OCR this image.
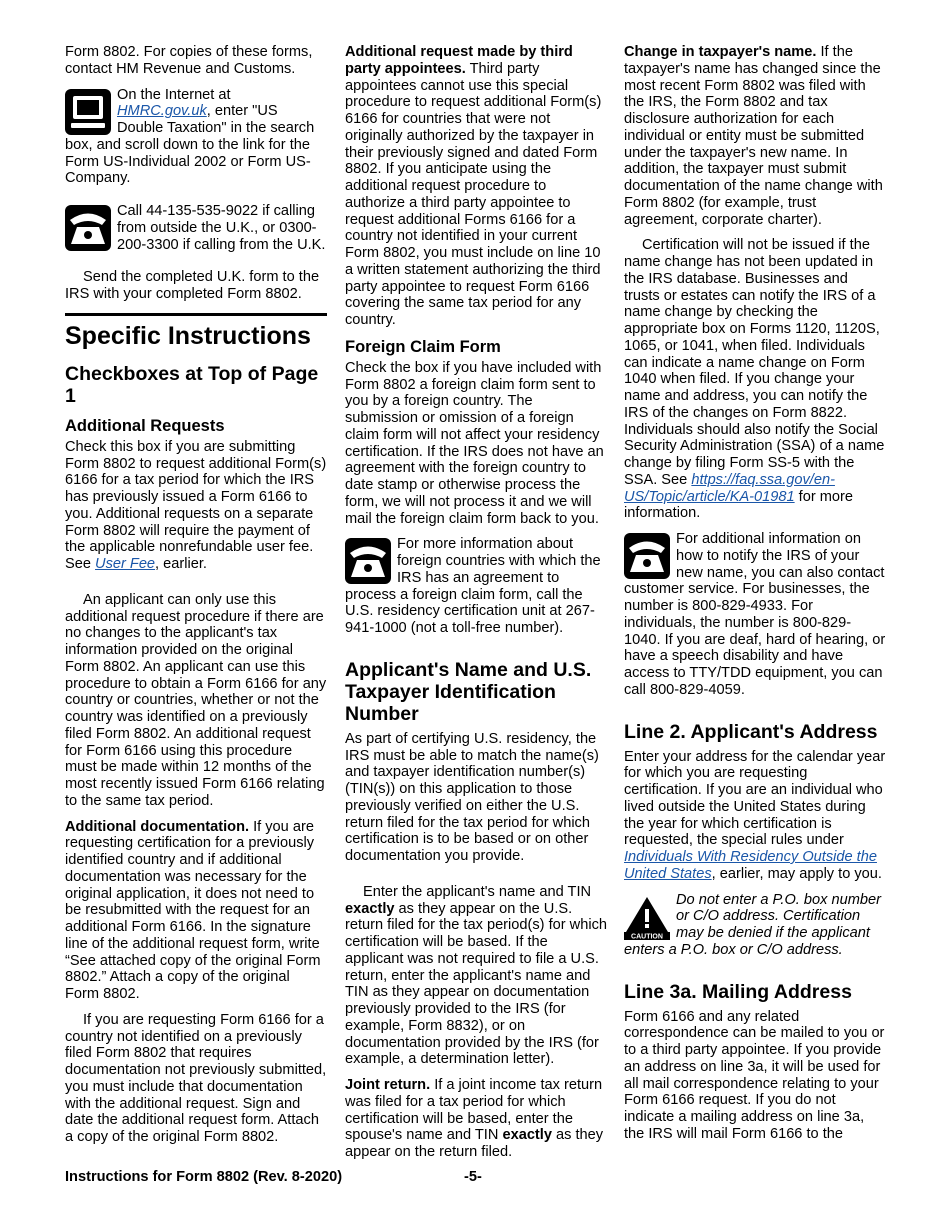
Form 8802. For copies of these forms, contact HM Revenue and Customs.

On the Internet at HMRC.gov.uk, enter "US Double Taxation" in the search box, and scroll down to the link for the Form US-Individual 2002 or Form US-Company.
Call 44-135-535-9022 if calling from outside the U.K., or 0300-200-3300 if calling from the U.K.

Send the completed U.K. form to the IRS with your completed Form 8802.

Specific Instructions
Checkboxes at Top of Page 1
Additional Requests

Check this box if you are submitting Form 8802 to request additional Form(s) 6166 for a tax period for which the IRS has previously issued a Form 6166 to you. Additional requests on a separate Form 8802 will require the payment of the applicable nonrefundable user fee. See User Fee, earlier.

An applicant can only use this additional request procedure if there are no changes to the applicant's tax information provided on the original Form 8802. An applicant can use this procedure to obtain a Form 6166 for any country or countries, whether or not the country was identified on a previously filed Form 8802. An additional request for Form 6166 using this procedure must be made within 12 months of the most recently issued Form 6166 relating to the same tax period.

Additional documentation. If you are requesting certification for a previously identified country and if additional documentation was necessary for the original application, it does not need to be resubmitted with the request for an additional Form 6166. In the signature line of the additional request form, write “See attached copy of the original Form 8802.” Attach a copy of the original Form 8802.

If you are requesting Form 6166 for a country not identified on a previously filed Form 8802 that requires documentation not previously submitted, you must include that documentation with the additional request. Sign and date the additional request form. Attach a copy of the original Form 8802.

Additional request made by third party appointees. Third party appointees cannot use this special procedure to request additional Form(s) 6166 for countries that were not originally authorized by the taxpayer in their previously signed and dated Form 8802. If you anticipate using the additional request procedure to authorize a third party appointee to request additional Forms 6166 for a country not identified in your current Form 8802, you must include on line 10 a written statement authorizing the third party appointee to request Form 6166 covering the same tax period for any country.

Foreign Claim Form

Check the box if you have included with Form 8802 a foreign claim form sent to you by a foreign country. The submission or omission of a foreign claim form will not affect your residency certification. If the IRS does not have an agreement with the foreign country to date stamp or otherwise process the form, we will not process it and we will mail the foreign claim form back to you.

For more information about foreign countries with which the IRS has an agreement to process a foreign claim form, call the U.S. residency certification unit at 267-941-1000 (not a toll-free number).
Applicant's Name and U.S. Taxpayer Identification Number

As part of certifying U.S. residency, the IRS must be able to match the name(s) and taxpayer identification number(s) (TIN(s)) on this application to those previously verified on either the U.S. return filed for the tax period for which certification is to be based or on other documentation you provide.

Enter the applicant's name and TIN exactly as they appear on the U.S. return filed for the tax period(s) for which certification will be based. If the applicant was not required to file a U.S. return, enter the applicant's name and TIN as they appear on documentation previously provided to the IRS (for example, Form 8832), or on documentation provided by the IRS (for example, a determination letter).

Joint return. If a joint income tax return was filed for a tax period for which certification will be based, enter the spouse's name and TIN exactly as they appear on the return filed.

Change in taxpayer's name. If the taxpayer's name has changed since the most recent Form 8802 was filed with the IRS, the Form 8802 and tax disclosure authorization for each individual or entity must be submitted under the taxpayer's new name. In addition, the taxpayer must submit documentation of the name change with Form 8802 (for example, trust agreement, corporate charter).

Certification will not be issued if the name change has not been updated in the IRS database. Businesses and trusts or estates can notify the IRS of a name change by checking the appropriate box on Forms 1120, 1120S, 1065, or 1041, when filed. Individuals can indicate a name change on Form 1040 when filed. If you change your name and address, you can notify the IRS of the changes on Form 8822. Individuals should also notify the Social Security Administration (SSA) of a name change by filing Form SS-5 with the SSA. See https://faq.ssa.gov/en-US/Topic/article/KA-01981 for more information.

For additional information on how to notify the IRS of your new name, you can also contact customer service. For businesses, the number is 800-829-4933. For individuals, the number is 800-829-1040. If you are deaf, hard of hearing, or have a speech disability and have access to TTY/TDD equipment, you can call 800-829-4059.
Line 2. Applicant's Address

Enter your address for the calendar year for which you are requesting certification. If you are an individual who lived outside the United States during the year for which certification is requested, the special rules under Individuals With Residency Outside the United States, earlier, may apply to you.

CAUTION
Do not enter a P.O. box number or C/O address. Certification may be denied if the applicant enters a P.O. box or C/O address.
Line 3a. Mailing Address

Form 6166 and any related correspondence can be mailed to you or to a third party appointee. If you provide an address on line 3a, it will be used for all mail correspondence relating to your Form 6166 request. If you do not indicate a mailing address on line 3a, the IRS will mail Form 6166 to the

Instructions for Form 8802 (Rev. 8-2020)	-5-
